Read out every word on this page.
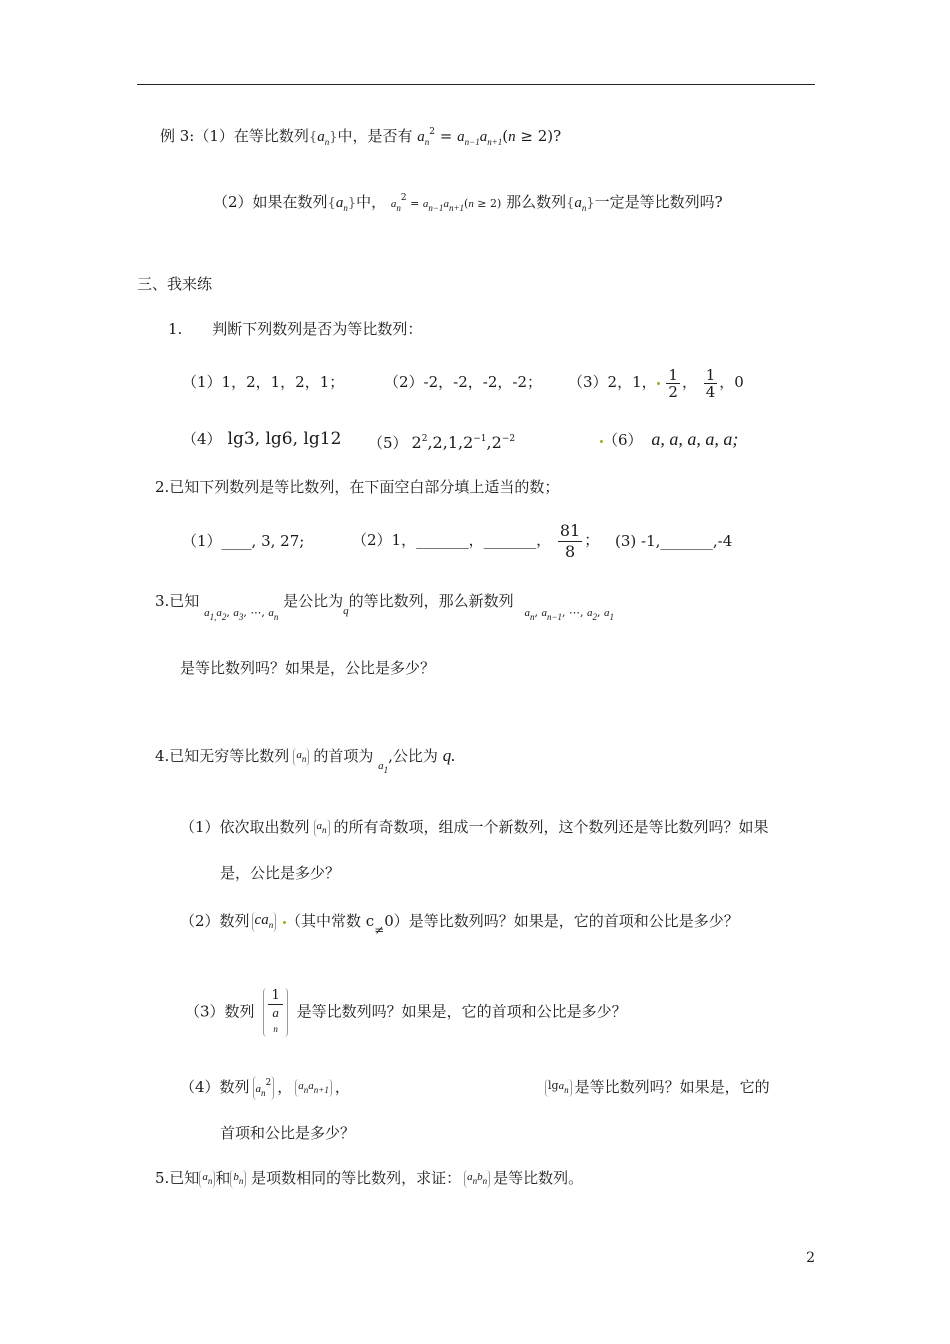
例 3:（1）在等比数列$\{a_n\}$中，是否有 $a_n^2 = a_{n-1}a_{n+1}(n \ge 2)$?
（2）如果在数列$\{a_n\}$中， $a_n^2 = a_{n-1}a_{n+1}(n \ge 2)$ 那么数列$\{a_n\}$一定是等比数列吗?
三、我来练
1.　　判断下列数列是否为等比数列：
（1）1，2，1，2，1；	（2）-2，-2，-2，-2； （3）2，1， $\frac{1}{2}$ ， $\frac{1}{4}$ ，0
（4） lg3, lg6, lg12 （5） $2^2,2,1,2^{-1},2^{-2}$	（6） a, a, a, a, a;
2.已知下列数列是等比数列，在下面空白部分填上适当的数；
（1）____, 3, 27;	（2）1，_______，_______， $\frac{81}{8}$ ； (3) -1,_______,-4
3.已知 $_{a_{1,}a_2, a_3, \cdots, a_n}$ 是公比为$_q$的等比数列，那么新数列 $_{a_n, a_{n-1}, \cdots, a_2, a_1}$
是等比数列吗？如果是，公比是多少？
4.已知无穷等比数列 $a_n$ 的首项为 $_{a_1}$,公比为 q.
（1）依次取出数列 $a_n$ 的所有奇数项，组成一个新数列，这个数列还是等比数列吗？如果
是，公比是多少？
（2）数列 $ca_n$ （其中常数 $c_\ne 0$）是等比数列吗？如果是，它的首项和公比是多少？
（3）数列 1
a
n 是等比数列吗？如果是，它的首项和公比是多少？
（4）数列 $a_n^2$ ， $a_na_{n+1}$ ，	lga$_n$ 是等比数列吗？如果是，它的
首项和公比是多少？
5.已知 $a_n$ 和 $b_n$ 是项数相同的等比数列，求证： $a_nb_n$ 是等比数列。
2
